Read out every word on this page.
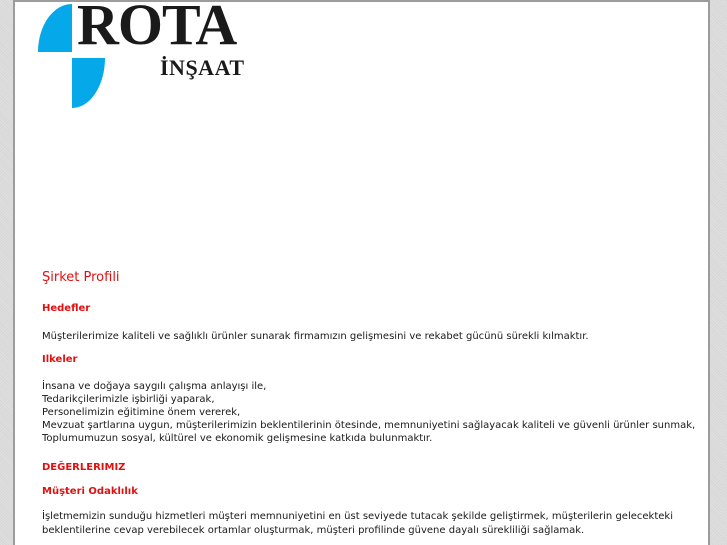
ROTA
İNŞAAT
Şirket Profili
Hedefler

Müşterilerimize kaliteli ve sağlıklı ürünler sunarak firmamızın gelişmesini ve rekabet gücünü sürekli kılmaktır.

Ilkeler

İnsana ve doğaya saygılı çalışma anlayışı ile,

Tedarikçilerimizle işbirliği yaparak,

Personelimizin eğitimine önem vererek,

Mevzuat şartlarına uygun, müşterilerimizin beklentilerinin ötesinde, memnuniyetini sağlayacak kaliteli ve güvenli ürünler sunmak,

Toplumumuzun sosyal, kültürel ve ekonomik gelişmesine katkıda bulunmaktır.

DEĞERLERIMIZ
Müşteri Odaklılık

İşletmemizin sunduğu hizmetleri müşteri memnuniyetini en üst seviyede tutacak şekilde geliştirmek, müşterilerin gelecekteki

beklentilerine cevap verebilecek ortamlar oluşturmak, müşteri profilinde güvene dayalı sürekliliği sağlamak.
